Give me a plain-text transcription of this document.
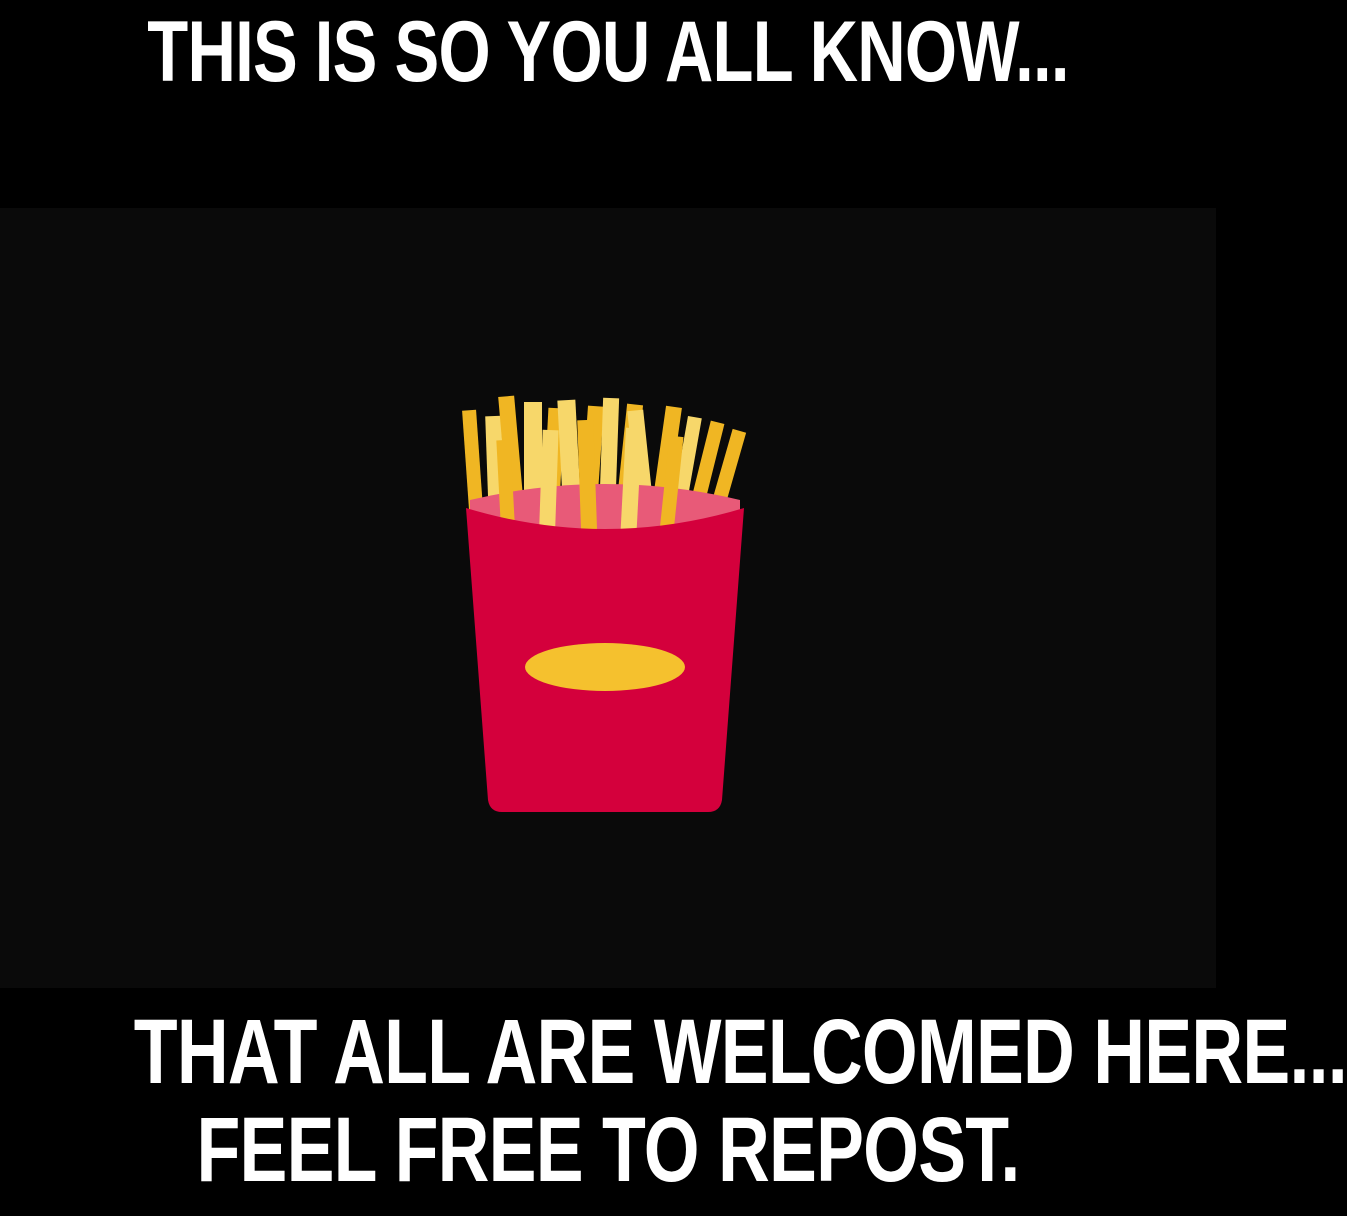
THIS IS SO YOU ALL KNOW...
THAT ALL ARE WELCOMED HERE...
FEEL FREE TO REPOST.
